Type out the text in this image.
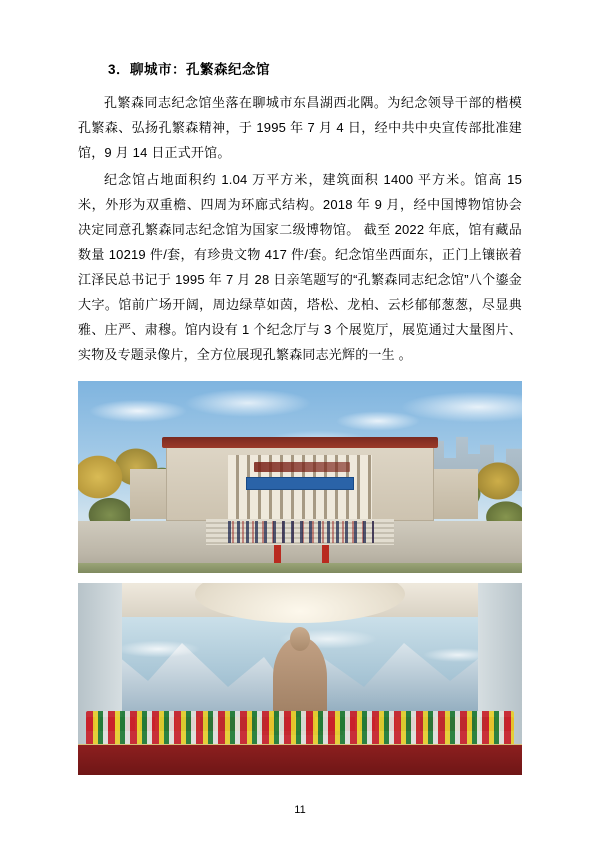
3．聊城市：孔繁森纪念馆

孔繁森同志纪念馆坐落在聊城市东昌湖西北隅。为纪念领导干部的楷模孔繁森、弘扬孔繁森精神，于 1995 年 7 月 4 日，经中共中央宣传部批准建馆，9 月 14 日正式开馆。

纪念馆占地面积约 1.04 万平方米，建筑面积 1400 平方米。馆高 15 米，外形为双重檐、四周为环廊式结构。2018 年 9 月，经中国博物馆协会决定同意孔繁森同志纪念馆为国家二级博物馆。 截至 2022 年底，馆有藏品数量 10219 件/套，有珍贵文物 417 件/套。纪念馆坐西面东，正门上镶嵌着江泽民总书记于 1995 年 7 月 28 日亲笔题写的“孔繁森同志纪念馆”八个鎏金大字。馆前广场开阔，周边绿草如茵，塔松、龙柏、云杉郁郁葱葱，尽显典雅、庄严、肃穆。馆内设有 1 个纪念厅与 3 个展览厅，展览通过大量图片、实物及专题录像片，全方位展现孔繁森同志光辉的一生 。

11
